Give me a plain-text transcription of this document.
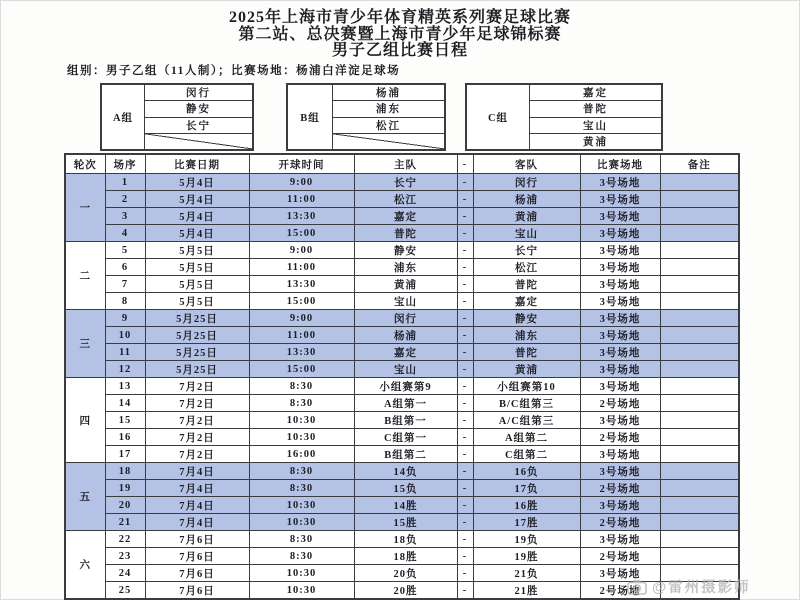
2025年上海市青少年体育精英系列赛足球比赛
第二站、总决赛暨上海市青少年足球锦标赛
男子乙组比赛日程
组别：男子乙组（11人制）；比赛场地：杨浦白洋淀足球场
A组
闵行
静安
长宁
B组
杨浦
浦东
松江
C组
嘉定
普陀
宝山
黄浦
轮次	场序	比赛日期	开球时间	主队	-	客队	比赛场地	备注
一	1	5月4日	9:00	长宁	-	闵行	3号场地	
	2	5月4日	11:00	松江	-	杨浦	3号场地	
	3	5月4日	13:30	嘉定	-	黄浦	3号场地	
	4	5月4日	15:00	普陀	-	宝山	3号场地	
二	5	5月5日	9:00	静安	-	长宁	3号场地	
	6	5月5日	11:00	浦东	-	松江	3号场地	
	7	5月5日	13:30	黄浦	-	普陀	3号场地	
	8	5月5日	15:00	宝山	-	嘉定	3号场地	
三	9	5月25日	9:00	闵行	-	静安	3号场地	
	10	5月25日	11:00	杨浦	-	浦东	3号场地	
	11	5月25日	13:30	嘉定	-	普陀	3号场地	
	12	5月25日	15:00	宝山	-	黄浦	3号场地	
四	13	7月2日	8:30	小组赛第9	-	小组赛第10	3号场地	
	14	7月2日	8:30	A组第一	-	B/C组第三	2号场地	
	15	7月2日	10:30	B组第一	-	A/C组第三	3号场地	
	16	7月2日	10:30	C组第一	-	A组第二	2号场地	
	17	7月2日	16:00	B组第二	-	C组第二	3号场地	
五	18	7月4日	8:30	14负	-	16负	3号场地	
	19	7月4日	8:30	15负	-	17负	2号场地	
	20	7月4日	10:30	14胜	-	16胜	3号场地	
	21	7月4日	10:30	15胜	-	17胜	2号场地	
六	22	7月6日	8:30	18负	-	19负	3号场地	
	23	7月6日	8:30	18胜	-	19胜	2号场地	
	24	7月6日	10:30	20负	-	21负	3号场地	
	25	7月6日	10:30	20胜	-	21胜	2号场地	@雷州摄影师
